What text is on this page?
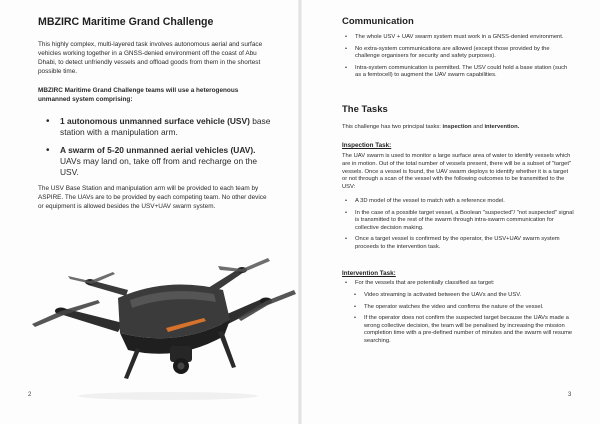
MBZIRC Maritime Grand Challenge

This highly complex, multi-layered task involves autonomous aerial and surface vehicles working together in a GNSS-denied environment off the coast of Abu Dhabi, to detect unfriendly vessels and offload goods from them in the shortest possible time.

MBZIRC Maritime Grand Challenge teams will use a heterogenous unmanned system comprising:

• 1 autonomous unmanned surface vehicle (USV) base station with a manipulation arm.
• A swarm of 5-20 unmanned aerial vehicles (UAV). UAVs may land on, take off from and recharge on the USV.

The USV Base Station and manipulation arm will be provided to each team by ASPIRE. The UAVs are to be provided by each competing team. No other device or equipment is allowed besides the USV+UAV swarm system.

2
Communication
• The whole USV + UAV swarm system must work in a GNSS-denied environment.
• No extra-system communications are allowed (except those provided by the challenge organisers for security and safety purposes).
• Intra-system communication is permitted. The USV could hold a base station (such as a femtocell) to augment the UAV swarm capabilities.
The Tasks

This challenge has two principal tasks: inspection and intervention.

Inspection Task:

The UAV swarm is used to monitor a large surface area of water to identify vessels which are in motion. Out of the total number of vessels present, there will be a subset of "target" vessels. Once a vessel is found, the UAV swarm deploys to identify whether it is a target or not through a scan of the vessel with the following outcomes to be transmitted to the USV:

• A 3D model of the vessel to match with a reference model.
• In the case of a possible target vessel, a Boolean "suspected"/ "not suspected" signal is transmitted to the rest of the swarm through intra-swarm communication for collective decision making.
• Once a target vessel is confirmed by the operator, the USV+UAV swarm system proceeds to the intervention task.
Intervention Task:
• For the vessels that are potentially classified as target:
• Video streaming is activated between the UAVs and the USV.
• The operator watches the video and confirms the nature of the vessel.
• If the operator does not confirm the suspected target because the UAVs made a wrong collective decision, the team will be penalised by increasing the mission completion time with a pre-defined number of minutes and the swarm will resume searching.
3
